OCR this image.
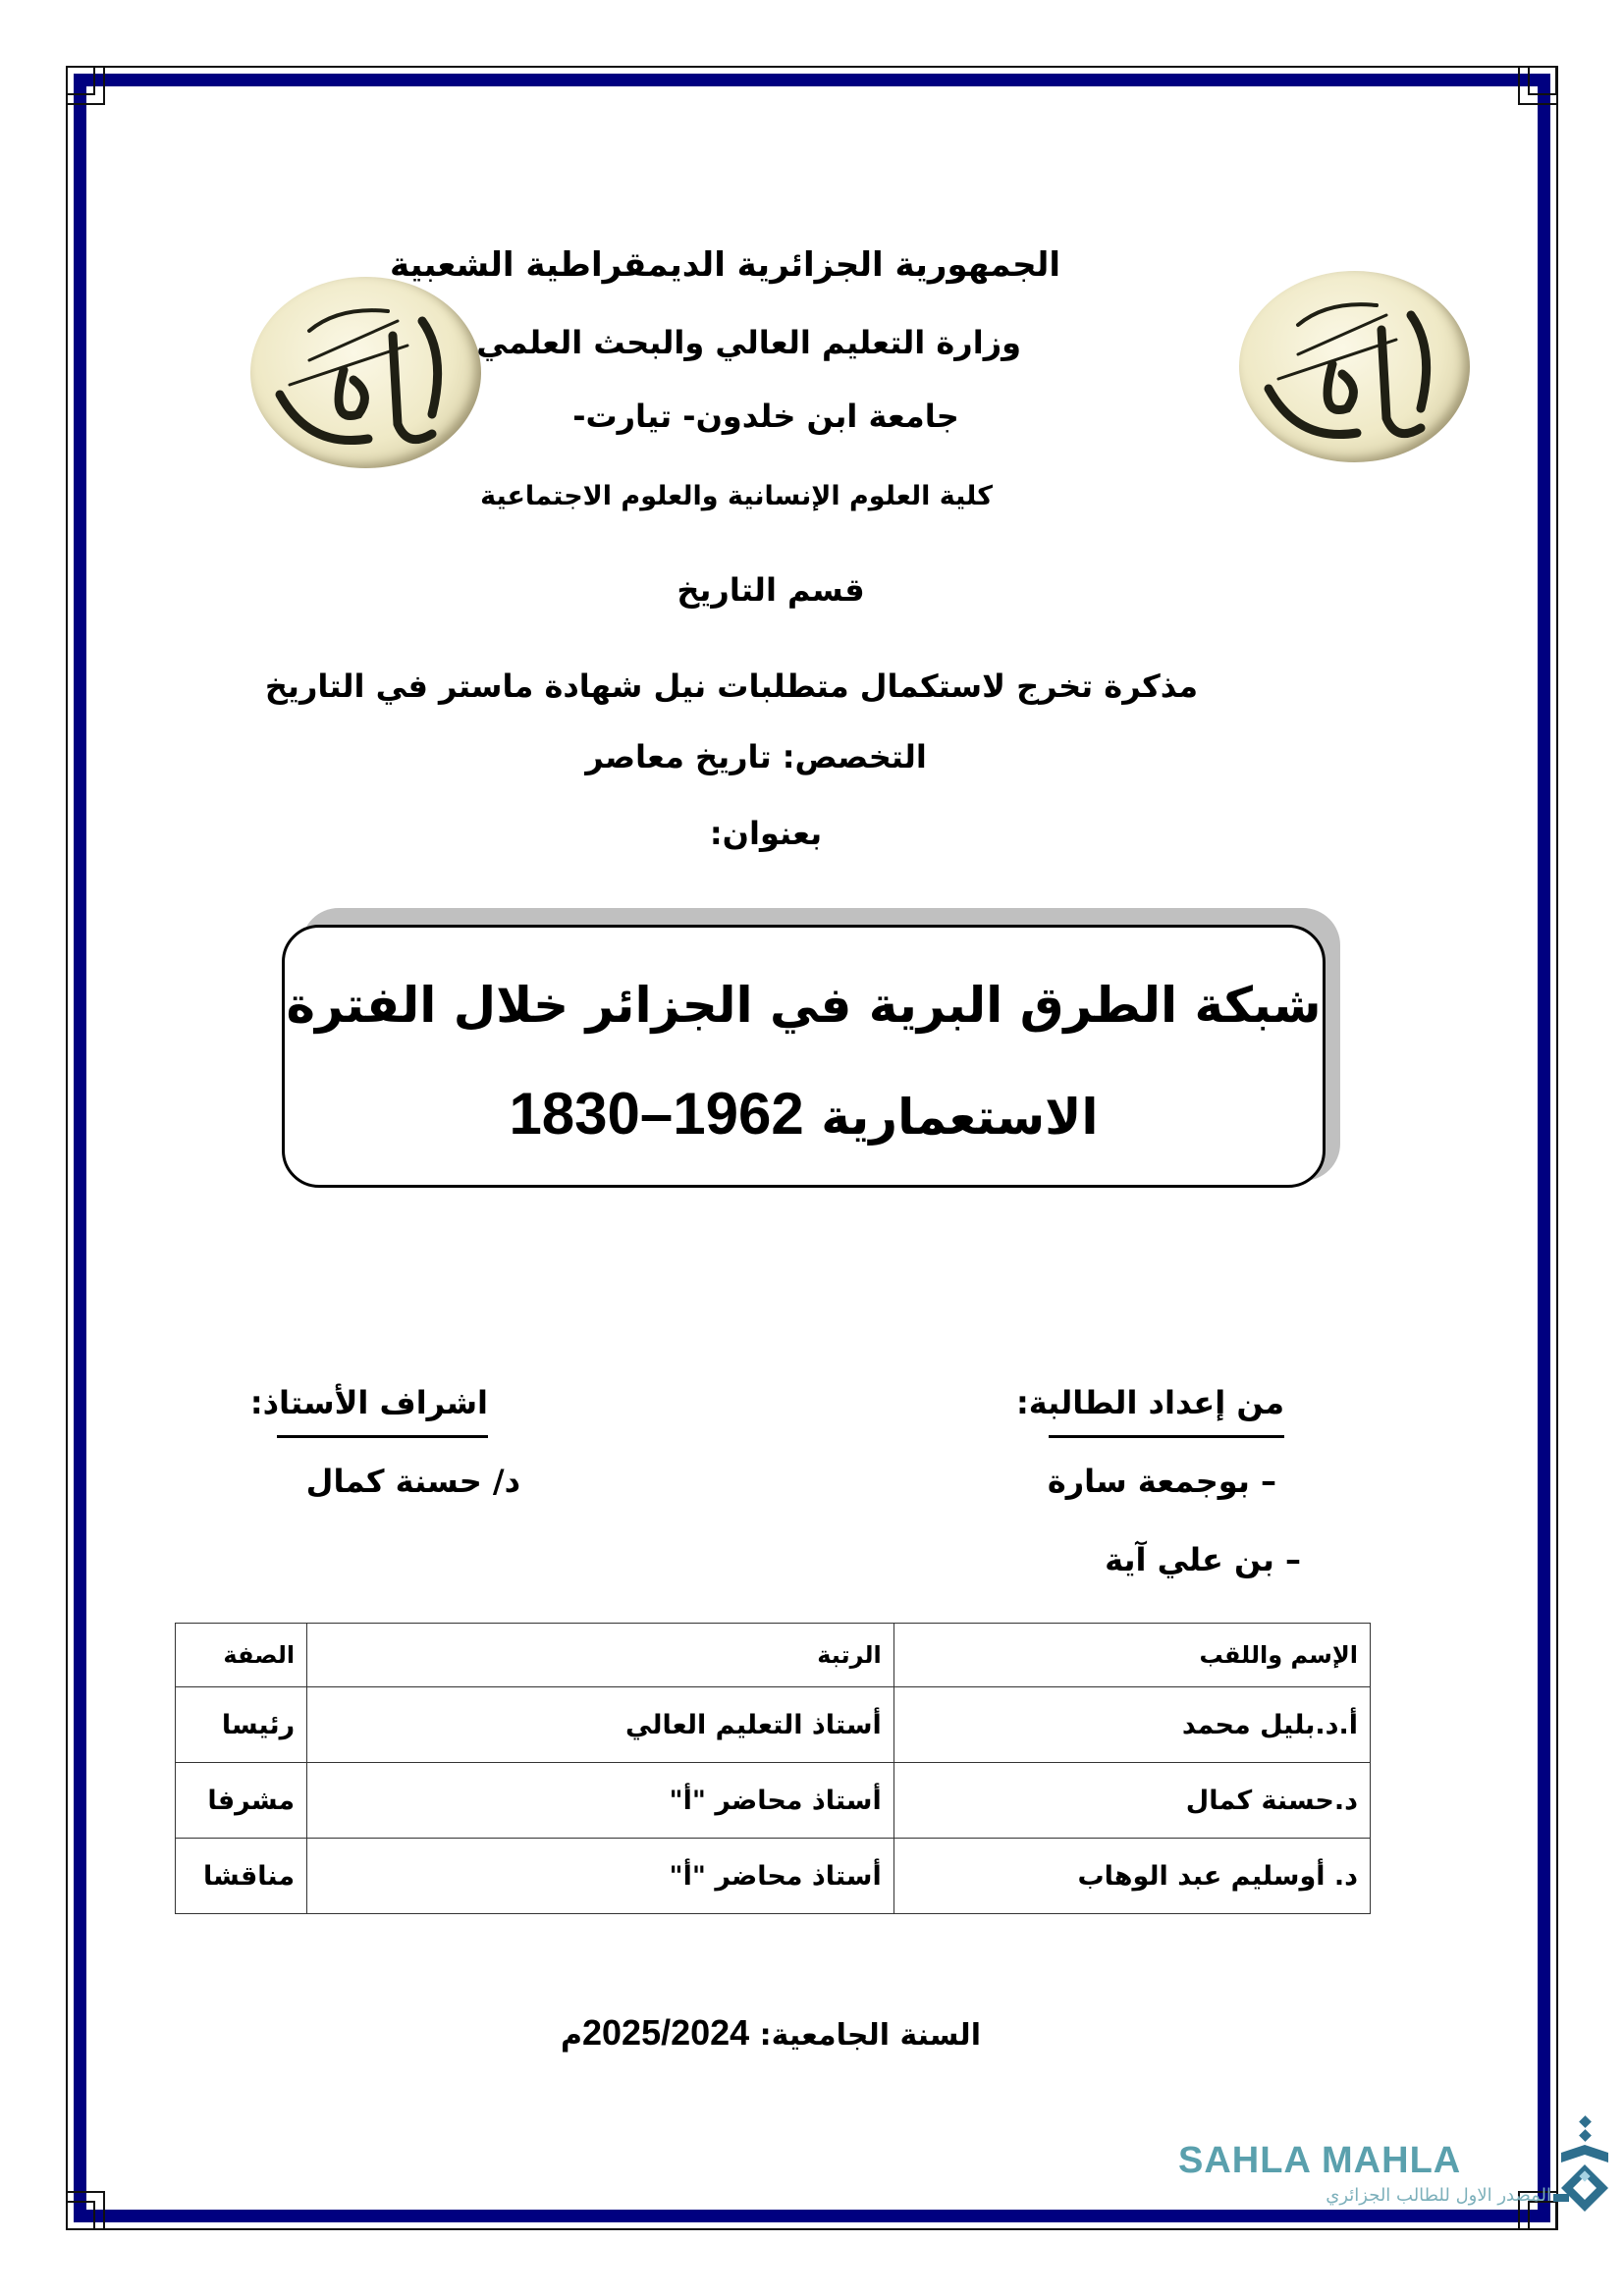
الجمهورية الجزائرية الديمقراطية الشعبية
وزارة التعليم العالي والبحث العلمي
جامعة ابن خلدون- تيارت-
كلية العلوم الإنسانية والعلوم الاجتماعية
قسم التاريخ
مذكرة تخرج لاستكمال متطلبات نيل شهادة ماستر في التاريخ
التخصص: تاريخ معاصر
بعنوان:
شبكة الطرق البرية في الجزائر خلال الفترة
الاستعمارية 1830–1962
من إعداد الطالبة:
– بوجمعة سارة
– بن علي آية
اشراف الأستاذ:
د/ حسنة كمال
الإسم واللقب	الرتبة	الصفة
أ.د.بليل محمد	أستاذ التعليم العالي	رئيسا
د.حسنة كمال	أستاذ محاضر "أ"	مشرفا
د. أوسليم عبد الوهاب	أستاذ محاضر "أ"	مناقشا
السنة الجامعية: 2025/2024م
SAHLA MAHLA
المصدر الاول للطالب الجزائري
